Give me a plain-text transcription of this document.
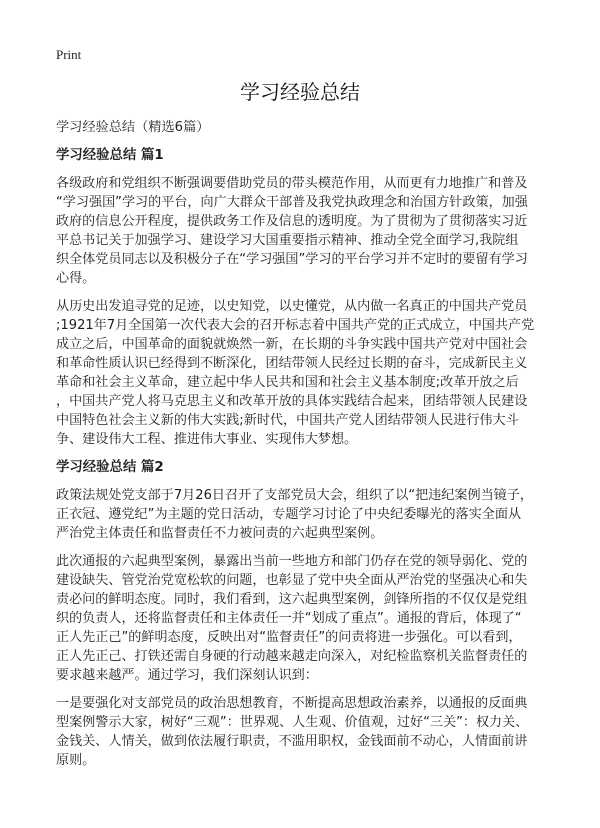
Print
学习经验总结
学习经验总结（精选6篇）
学习经验总结 篇1
各级政府和党组织不断强调要借助党员的带头模范作用，从而更有力地推广和普及
“学习强国”学习的平台，向广大群众干部普及我党执政理念和治国方针政策，加强
政府的信息公开程度，提供政务工作及信息的透明度。为了贯彻为了贯彻落实习近
平总书记关于加强学习、建设学习大国重要指示精神、推动全党全面学习,我院组
织全体党员同志以及积极分子在“学习强国”学习的平台学习并不定时的要留有学习
心得。
从历史出发追寻党的足迹，以史知党，以史懂党，从内做一名真正的中国共产党员
;1921年7月全国第一次代表大会的召开标志着中国共产党的正式成立，中国共产党
成立之后，中国革命的面貌就焕然一新，在长期的斗争实践中国共产党对中国社会
和革命性质认识已经得到不断深化，团结带领人民经过长期的奋斗，完成新民主义
革命和社会主义革命，建立起中华人民共和国和社会主义基本制度;改革开放之后
，中国共产党人将马克思主义和改革开放的具体实践结合起来，团结带领人民建设
中国特色社会主义新的伟大实践;新时代，中国共产党人团结带领人民进行伟大斗
争、建设伟大工程、推进伟大事业、实现伟大梦想。
学习经验总结 篇2
政策法规处党支部于7月26日召开了支部党员大会，组织了以“把违纪案例当镜子，
正衣冠、遵党纪”为主题的党日活动，专题学习讨论了中央纪委曝光的落实全面从
严治党主体责任和监督责任不力被问责的六起典型案例。
此次通报的六起典型案例，暴露出当前一些地方和部门仍存在党的领导弱化、党的
建设缺失、管党治党宽松软的问题，也彰显了党中央全面从严治党的坚强决心和失
责必问的鲜明态度。同时，我们看到，这六起典型案例，剑锋所指的不仅仅是党组
织的负责人，还将监督责任和主体责任一并“划成了重点”。通报的背后，体现了“
正人先正己”的鲜明态度，反映出对“监督责任”的问责将进一步强化。可以看到，
正人先正己、打铁还需自身硬的行动越来越走向深入，对纪检监察机关监督责任的
要求越来越严。通过学习，我们深刻认识到：
一是要强化对支部党员的政治思想教育，不断提高思想政治素养，以通报的反面典
型案例警示大家，树好“三观”：世界观、人生观、价值观，过好“三关”：权力关、
金钱关、人情关，做到依法履行职责，不滥用职权，金钱面前不动心，人情面前讲
原则。
